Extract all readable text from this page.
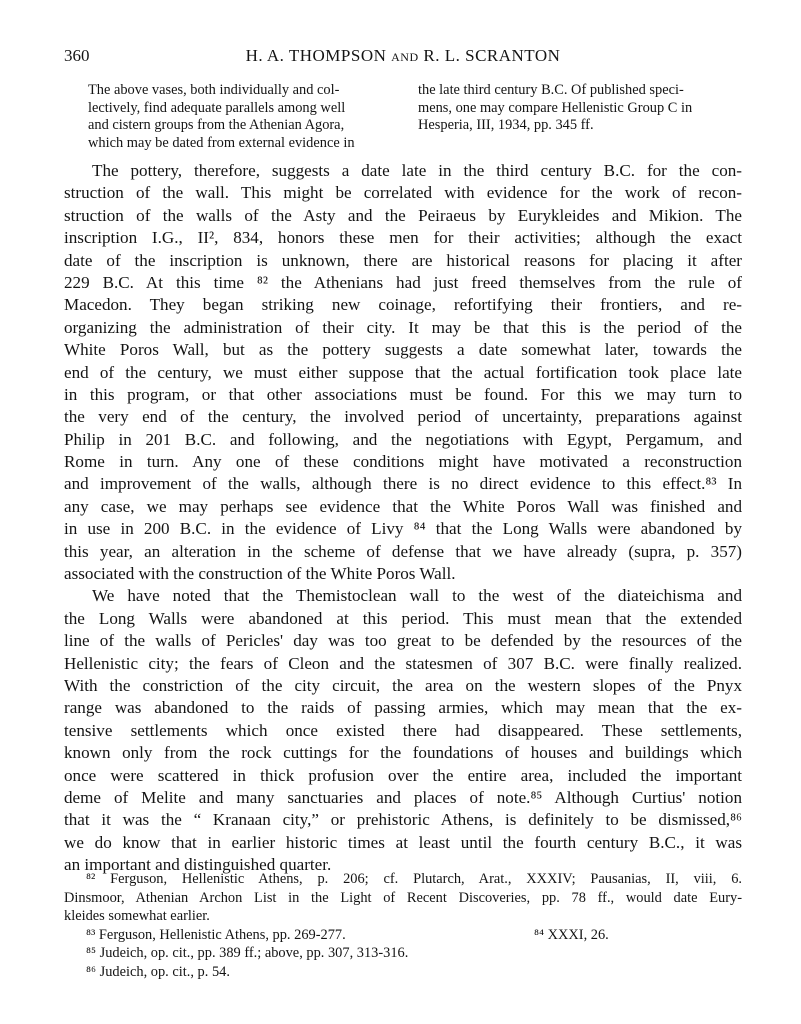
360	H. A. THOMPSON AND R. L. SCRANTON
The above vases, both individually and col-
lectively, find adequate parallels among well
and cistern groups from the Athenian Agora,
which may be dated from external evidence in
the late third century B.C. Of published speci-
mens, one may compare Hellenistic Group C in
Hesperia, III, 1934, pp. 345 ff.
The pottery, therefore, suggests a date late in the third century B.C. for the con-
struction of the wall. This might be correlated with evidence for the work of recon-
struction of the walls of the Asty and the Peiraeus by Eurykleides and Mikion. The
inscription I.G., II², 834, honors these men for their activities; although the exact
date of the inscription is unknown, there are historical reasons for placing it after
229 B.C. At this time ⁸² the Athenians had just freed themselves from the rule of
Macedon. They began striking new coinage, refortifying their frontiers, and re-
organizing the administration of their city. It may be that this is the period of the
White Poros Wall, but as the pottery suggests a date somewhat later, towards the
end of the century, we must either suppose that the actual fortification took place late
in this program, or that other associations must be found. For this we may turn to
the very end of the century, the involved period of uncertainty, preparations against
Philip in 201 B.C. and following, and the negotiations with Egypt, Pergamum, and
Rome in turn. Any one of these conditions might have motivated a reconstruction
and improvement of the walls, although there is no direct evidence to this effect.⁸³ In
any case, we may perhaps see evidence that the White Poros Wall was finished and
in use in 200 B.C. in the evidence of Livy ⁸⁴ that the Long Walls were abandoned by
this year, an alteration in the scheme of defense that we have already (supra, p. 357)
associated with the construction of the White Poros Wall.
We have noted that the Themistoclean wall to the west of the diateichisma and
the Long Walls were abandoned at this period. This must mean that the extended
line of the walls of Pericles' day was too great to be defended by the resources of the
Hellenistic city; the fears of Cleon and the statesmen of 307 B.C. were finally realized.
With the constriction of the city circuit, the area on the western slopes of the Pnyx
range was abandoned to the raids of passing armies, which may mean that the ex-
tensive settlements which once existed there had disappeared. These settlements,
known only from the rock cuttings for the foundations of houses and buildings which
once were scattered in thick profusion over the entire area, included the important
deme of Melite and many sanctuaries and places of note.⁸⁵ Although Curtius' notion
that it was the “ Kranaan city,” or prehistoric Athens, is definitely to be dismissed,⁸⁶
we do know that in earlier historic times at least until the fourth century B.C., it was
an important and distinguished quarter.
⁸² Ferguson, Hellenistic Athens, p. 206; cf. Plutarch, Arat., XXXIV; Pausanias, II, viii, 6.
Dinsmoor, Athenian Archon List in the Light of Recent Discoveries, pp. 78 ff., would date Eury-
kleides somewhat earlier.
⁸³ Ferguson, Hellenistic Athens, pp. 269-277.	⁸⁴ XXXI, 26.
⁸⁵ Judeich, op. cit., pp. 389 ff.; above, pp. 307, 313-316.
⁸⁶ Judeich, op. cit., p. 54.
